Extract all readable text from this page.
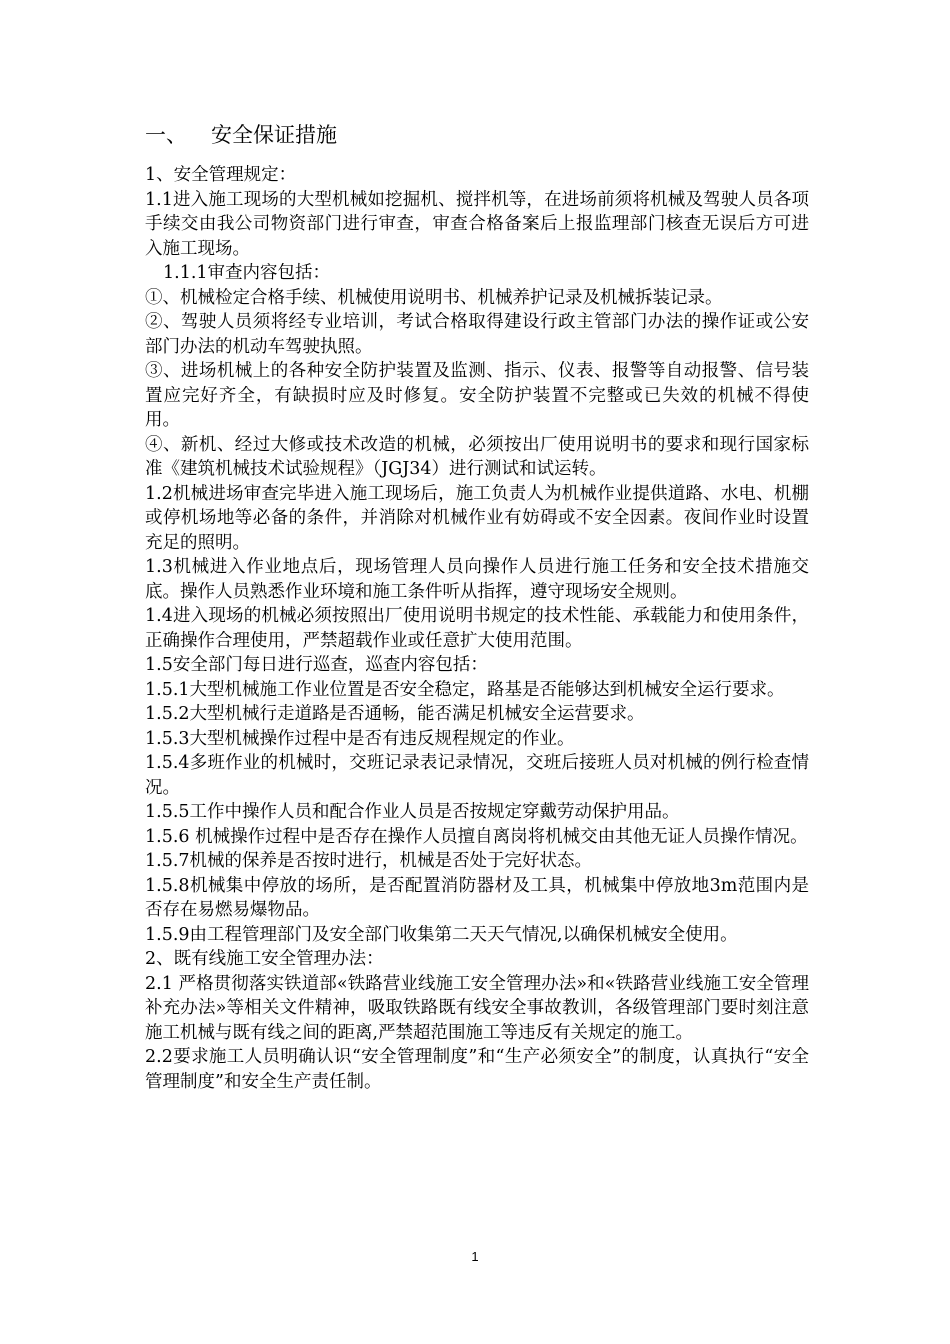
一、 安全保证措施

1、安全管理规定：

1.1进入施工现场的大型机械如挖掘机、搅拌机等，在进场前须将机械及驾驶人员各项手续交由我公司物资部门进行审查，审查合格备案后上报监理部门核查无误后方可进入施工现场。

1.1.1审查内容包括：

①、机械检定合格手续、机械使用说明书、机械养护记录及机械拆装记录。

②、驾驶人员须将经专业培训，考试合格取得建设行政主管部门办法的操作证或公安部门办法的机动车驾驶执照。

③、进场机械上的各种安全防护装置及监测、指示、仪表、报警等自动报警、信号装置应完好齐全，有缺损时应及时修复。安全防护装置不完整或已失效的机械不得使用。

④、新机、经过大修或技术改造的机械，必须按出厂使用说明书的要求和现行国家标准《建筑机械技术试验规程》（JGJ34）进行测试和试运转。

1.2机械进场审查完毕进入施工现场后，施工负责人为机械作业提供道路、水电、机棚或停机场地等必备的条件，并消除对机械作业有妨碍或不安全因素。夜间作业时设置充足的照明。

1.3机械进入作业地点后，现场管理人员向操作人员进行施工任务和安全技术措施交底。操作人员熟悉作业环境和施工条件听从指挥，遵守现场安全规则。

1.4进入现场的机械必须按照出厂使用说明书规定的技术性能、承载能力和使用条件，正确操作合理使用，严禁超载作业或任意扩大使用范围。

1.5安全部门每日进行巡查，巡查内容包括：

1.5.1大型机械施工作业位置是否安全稳定，路基是否能够达到机械安全运行要求。

1.5.2大型机械行走道路是否通畅，能否满足机械安全运营要求。

1.5.3大型机械操作过程中是否有违反规程规定的作业。

1.5.4多班作业的机械时，交班记录表记录情况，交班后接班人员对机械的例行检查情况。

1.5.5工作中操作人员和配合作业人员是否按规定穿戴劳动保护用品。

1.5.6 机械操作过程中是否存在操作人员擅自离岗将机械交由其他无证人员操作情况。

1.5.7机械的保养是否按时进行，机械是否处于完好状态。

1.5.8机械集中停放的场所，是否配置消防器材及工具，机械集中停放地3m范围内是否存在易燃易爆物品。

1.5.9由工程管理部门及安全部门收集第二天天气情况,以确保机械安全使用。

2、既有线施工安全管理办法：

2.1 严格贯彻落实铁道部«铁路营业线施工安全管理办法»和«铁路营业线施工安全管理补充办法»等相关文件精神，吸取铁路既有线安全事故教训，各级管理部门要时刻注意施工机械与既有线之间的距离,严禁超范围施工等违反有关规定的施工。

2.2要求施工人员明确认识“安全管理制度”和“生产必须安全”的制度，认真执行“安全管理制度”和安全生产责任制。

1
